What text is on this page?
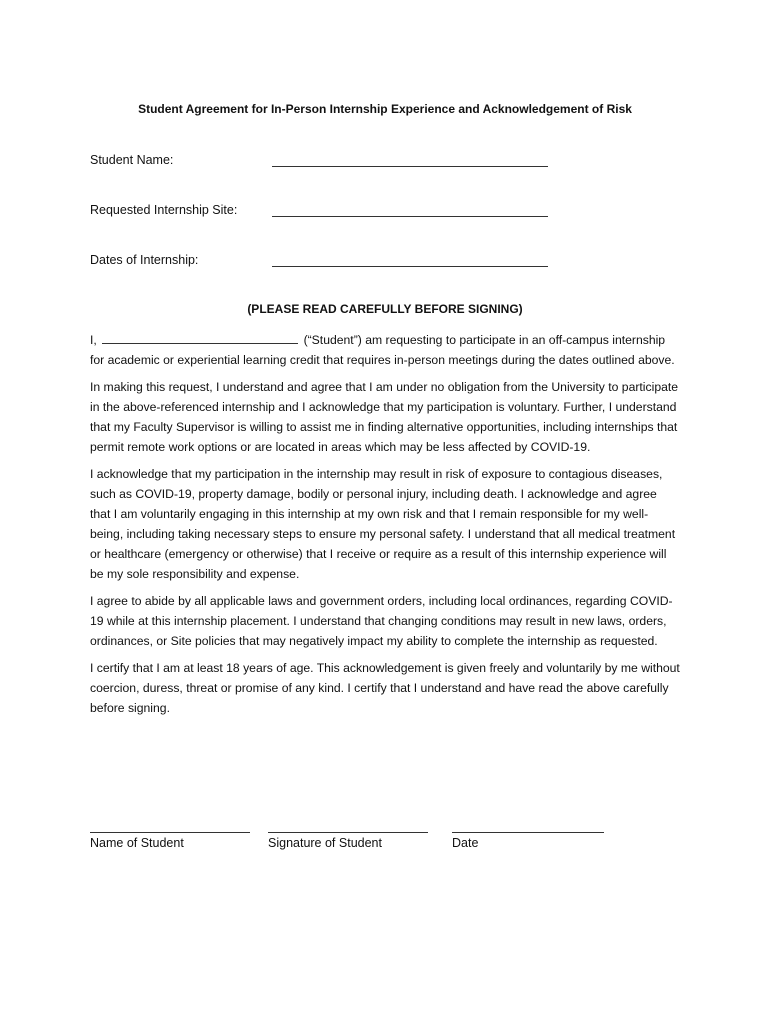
Student Agreement for In-Person Internship Experience and Acknowledgement of Risk
Student Name:
Requested Internship Site:
Dates of Internship:
(PLEASE READ CAREFULLY BEFORE SIGNING)

I,	(“Student”) am requesting to participate in an off-campus internship for academic or experiential learning credit that requires in-person meetings during the dates outlined above.

In making this request, I understand and agree that I am under no obligation from the University to participate in the above-referenced internship and I acknowledge that my participation is voluntary. Further, I understand that my Faculty Supervisor is willing to assist me in finding alternative opportunities, including internships that permit remote work options or are located in areas which may be less affected by COVID-19.

I acknowledge that my participation in the internship may result in risk of exposure to contagious diseases, such as COVID-19, property damage, bodily or personal injury, including death. I acknowledge and agree that I am voluntarily engaging in this internship at my own risk and that I remain responsible for my well-being, including taking necessary steps to ensure my personal safety. I understand that all medical treatment or healthcare (emergency or otherwise) that I receive or require as a result of this internship experience will be my sole responsibility and expense.

I agree to abide by all applicable laws and government orders, including local ordinances, regarding COVID-19 while at this internship placement. I understand that changing conditions may result in new laws, orders, ordinances, or Site policies that may negatively impact my ability to complete the internship as requested.

I certify that I am at least 18 years of age. This acknowledgement is given freely and voluntarily by me without coercion, duress, threat or promise of any kind. I certify that I understand and have read the above carefully before signing.

Name of Student	Signature of Student	Date
